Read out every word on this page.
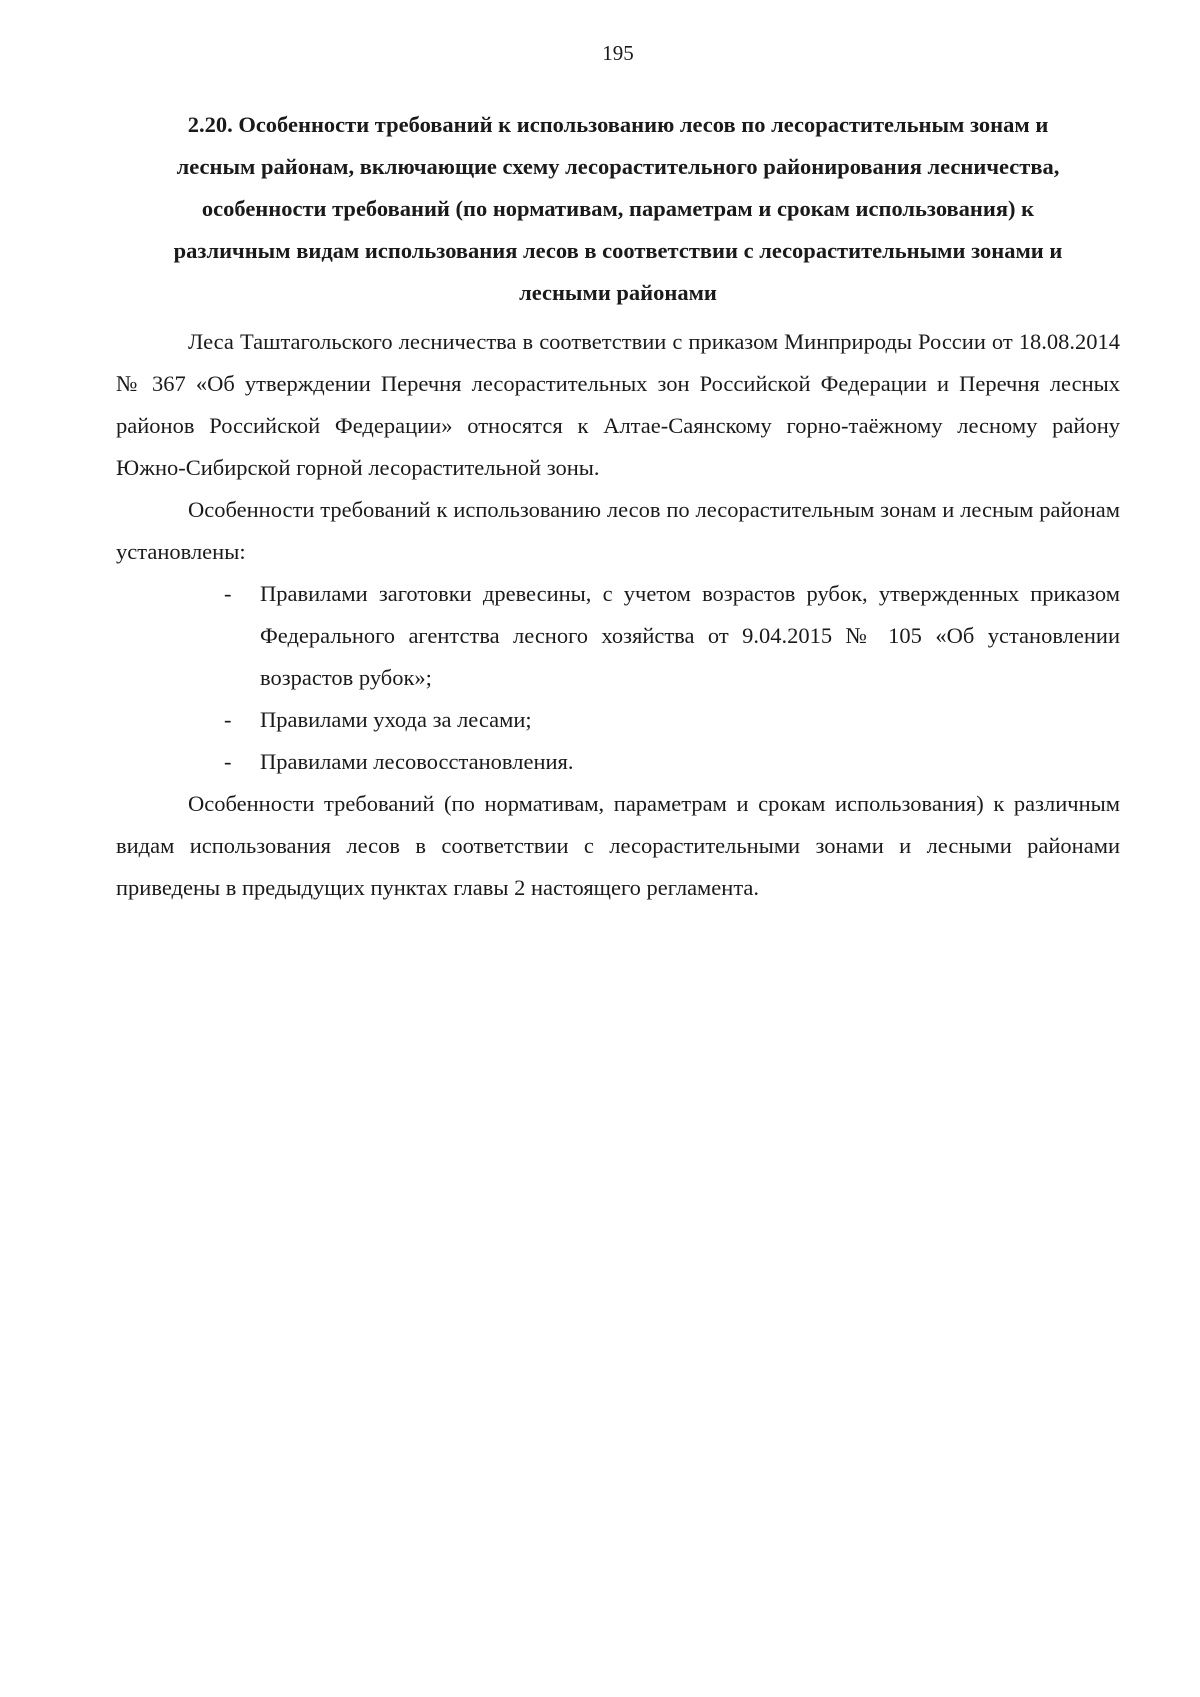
195
2.20. Особенности требований к использованию лесов по лесорастительным зонам и
лесным районам, включающие схему лесорастительного районирования лесничества,
особенности требований (по нормативам, параметрам и срокам использования) к
различным видам использования лесов в соответствии с лесорастительными зонами и
лесными районами

Леса Таштагольского лесничества в соответствии с приказом Минприроды России от 18.08.2014 № 367 «Об утверждении Перечня лесорастительных зон Российской Федерации и Перечня лесных районов Российской Федерации» относятся к Алтае-Саянскому горно-таёжному лесному району Южно-Сибирской горной лесорастительной зоны.

Особенности требований к использованию лесов по лесорастительным зонам и лесным районам установлены:

-	Правилами заготовки древесины, с учетом возрастов рубок, утвержденных приказом Федерального агентства лесного хозяйства от 9.04.2015 № 105 «Об установлении возрастов рубок»;
-	Правилами ухода за лесами;
-	Правилами лесовосстановления.

Особенности требований (по нормативам, параметрам и срокам использования) к различным видам использования лесов в соответствии с лесорастительными зонами и лесными районами приведены в предыдущих пунктах главы 2 настоящего регламента.
